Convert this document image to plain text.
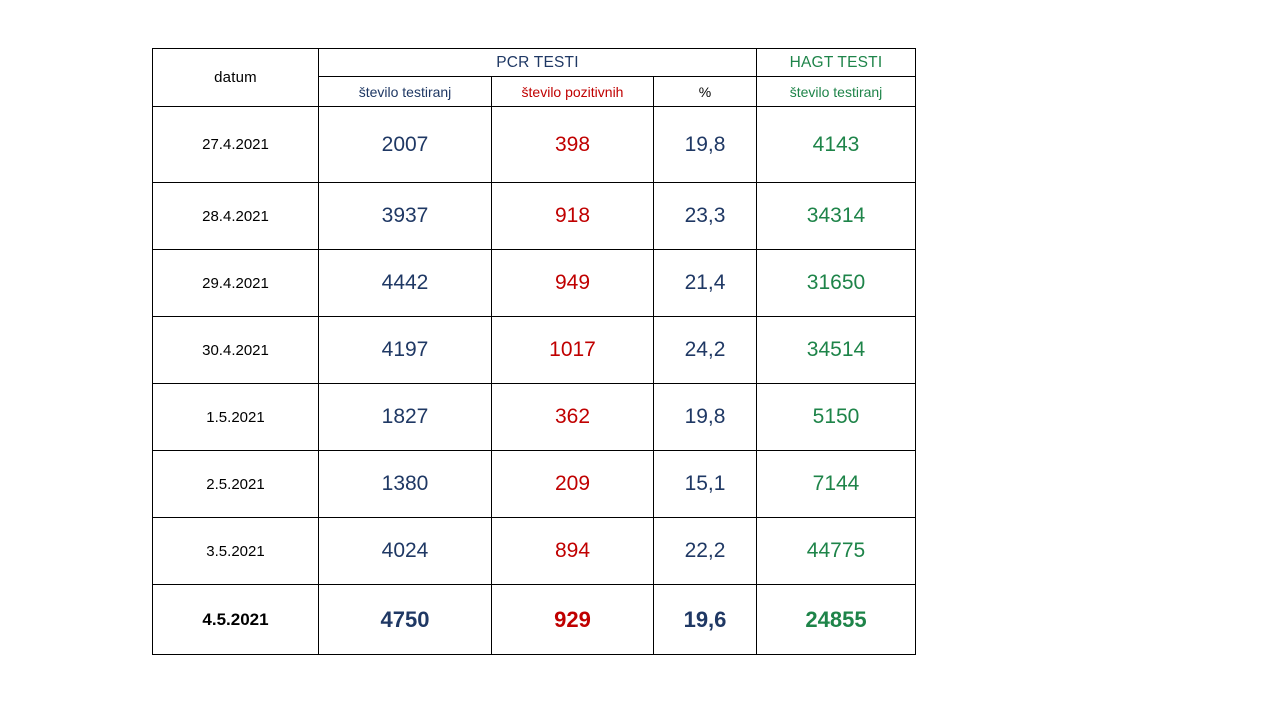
datum	PCR TESTI			HAGT TESTI
	število testiranj	število pozitivnih	%	število testiranj
27.4.2021	2007	398	19,8	4143
28.4.2021	3937	918	23,3	34314
29.4.2021	4442	949	21,4	31650
30.4.2021	4197	1017	24,2	34514
1.5.2021	1827	362	19,8	5150
2.5.2021	1380	209	15,1	7144
3.5.2021	4024	894	22,2	44775
4.5.2021	4750	929	19,6	24855
